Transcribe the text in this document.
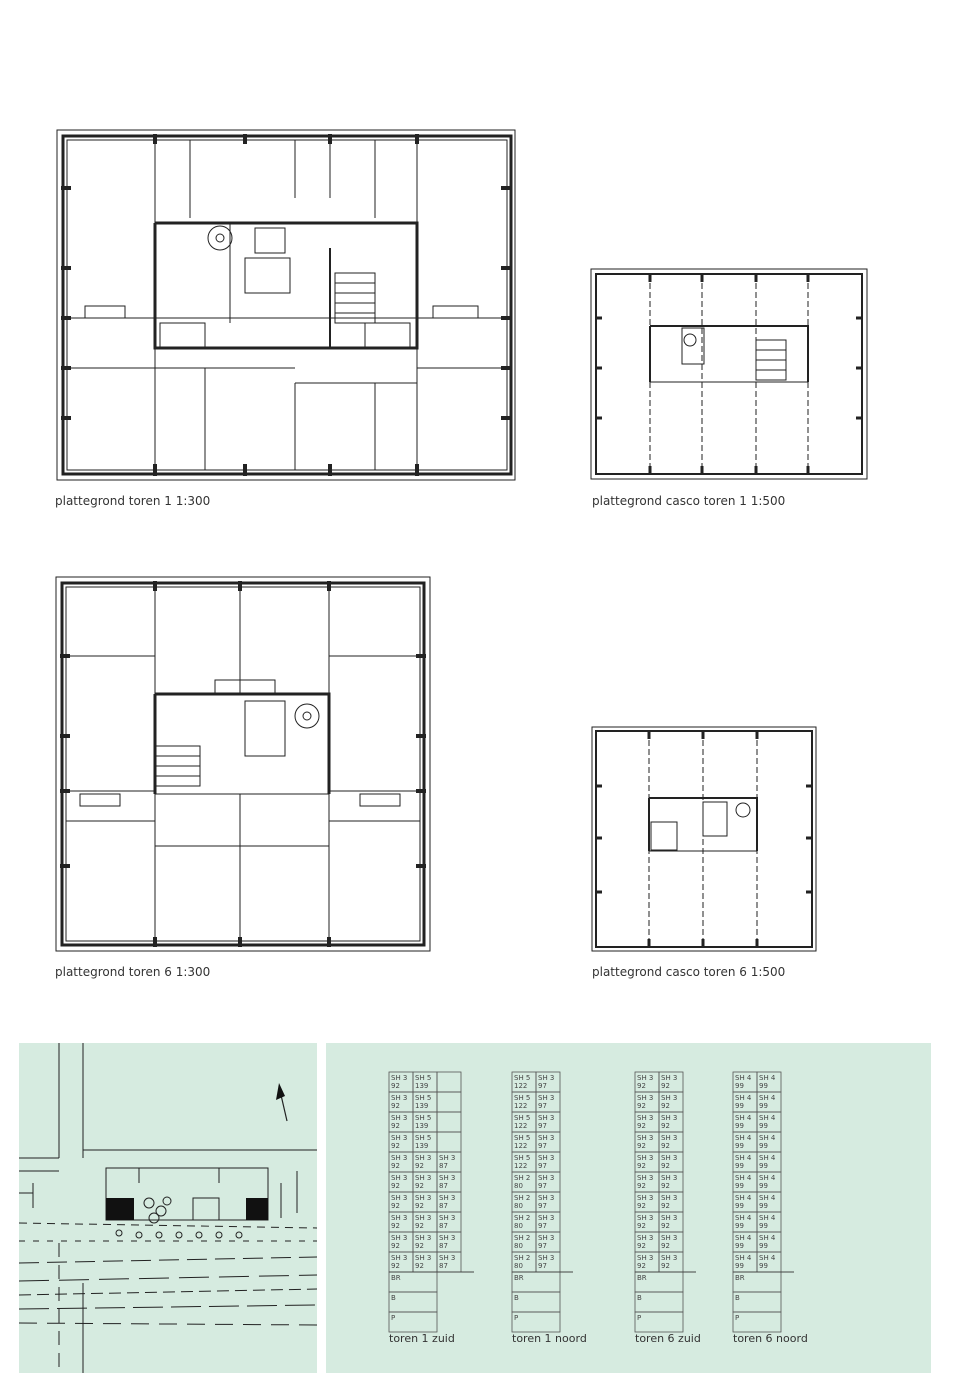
plattegrond toren 1 1:300	plattegrond casco toren 1 1:500
plattegrond toren 6 1:300	plattegrond casco toren 6 1:500
SH 3
92
SH 5
139
SH 3
92
SH 5
139
SH 3
92
SH 5
139
SH 3
92
SH 5
139
SH 3
92
SH 3
92
SH 3
87
SH 3
92
SH 3
92
SH 3
87
SH 3
92
SH 3
92
SH 3
87
SH 3
92
SH 3
92
SH 3
87
SH 3
92
SH 3
92
SH 3
87
SH 3
92
SH 3
92
SH 3
87
BR
B
P
toren 1 zuid
SH 5
122
SH 3
97
SH 5
122
SH 3
97
SH 5
122
SH 3
97
SH 5
122
SH 3
97
SH 5
122
SH 3
97
SH 2
80
SH 3
97
SH 2
80
SH 3
97
SH 2
80
SH 3
97
SH 2
80
SH 3
97
SH 2
80
SH 3
97
BR
B
P
toren 1 noord
SH 3
92
SH 3
92
SH 3
92
SH 3
92
SH 3
92
SH 3
92
SH 3
92
SH 3
92
SH 3
92
SH 3
92
SH 3
92
SH 3
92
SH 3
92
SH 3
92
SH 3
92
SH 3
92
SH 3
92
SH 3
92
SH 3
92
SH 3
92
BR
B
P
toren 6 zuid
SH 4
99
SH 4
99
SH 4
99
SH 4
99
SH 4
99
SH 4
99
SH 4
99
SH 4
99
SH 4
99
SH 4
99
SH 4
99
SH 4
99
SH 4
99
SH 4
99
SH 4
99
SH 4
99
SH 4
99
SH 4
99
SH 4
99
SH 4
99
BR
B
P
toren 6 noord
